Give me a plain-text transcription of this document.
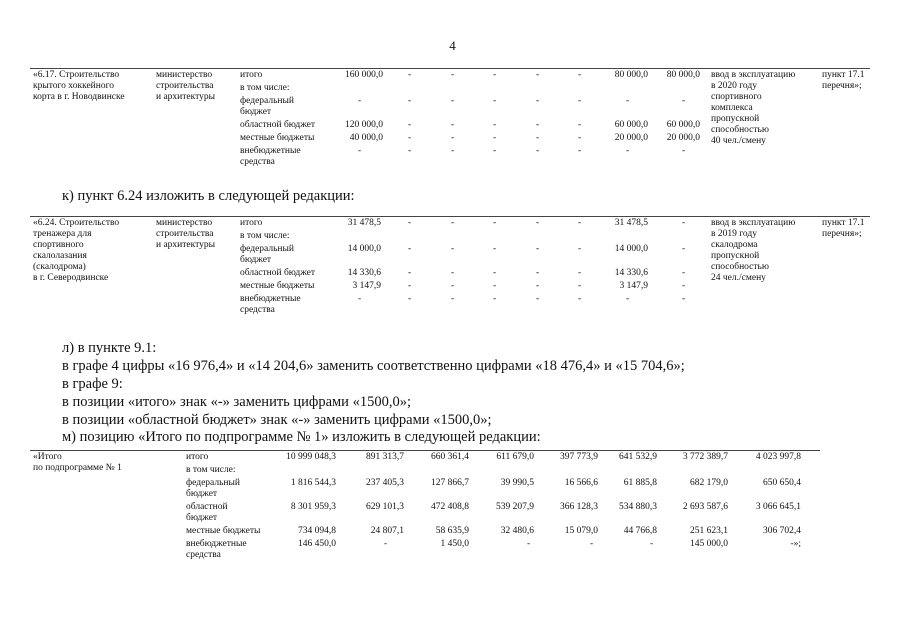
4
«6.17. Строительство
крытого хоккейного
корта в г. Новодвинске
министерство
строительства
и архитектуры
итого	160 000,0	-	-	-	-	-	80 000,0	80 000,0
в том числе:
федеральный
бюджет
-	-	-	-	-	-	-	-
областной бюджет	120 000,0	-	-	-	-	-	60 000,0	60 000,0
местные бюджеты	40 000,0	-	-	-	-	-	20 000,0	20 000,0
внебюджетные
средства
-	-	-	-	-	-	-	-
ввод в эксплуатацию
в 2020 году
спортивного
комплекса
пропускной
способностью
40 чел./смену
пункт 17.1
перечня»;
к) пункт 6.24 изложить в следующей редакции:
«6.24. Строительство
тренажера для
спортивного
скалолазания
(скалодрома)
в г. Северодвинске
министерство
строительства
и архитектуры
итого	31 478,5	-	-	-	-	-	31 478,5	-
в том числе:
федеральный
бюджет
14 000,0	-	-	-	-	-	14 000,0	-
областной бюджет	14 330,6	-	-	-	-	-	14 330,6	-
местные бюджеты	3 147,9	-	-	-	-	-	3 147,9	-
внебюджетные
средства
-	-	-	-	-	-	-	-
ввод в эксплуатацию
в 2019 году
скалодрома
пропускной
способностью
24 чел./смену
пункт 17.1
перечня»;
л) в пункте 9.1:
в графе 4 цифры «16 976,4» и «14 204,6» заменить соответственно цифрами «18 476,4» и «15 704,6»;
в графе 9:
в позиции «итого» знак «-» заменить цифрами «1500,0»;
в позиции «областной бюджет» знак «-» заменить цифрами «1500,0»;
м) позицию «Итого по подпрограмме № 1» изложить в следующей редакции:
«Итого
по подпрограмме № 1
итого	10 999 048,3	891 313,7	660 361,4	611 679,0	397 773,9	641 532,9	3 772 389,7	4 023 997,8
в том числе:
федеральный
бюджет
1 816 544,3	237 405,3	127 866,7	39 990,5	16 566,6	61 885,8	682 179,0	650 650,4
областной
бюджет
8 301 959,3	629 101,3	472 408,8	539 207,9	366 128,3	534 880,3	2 693 587,6	3 066 645,1
местные бюджеты	734 094,8	24 807,1	58 635,9	32 480,6	15 079,0	44 766,8	251 623,1	306 702,4
внебюджетные
средства
146 450,0	-	1 450,0	-	-	-	145 000,0	-»;
